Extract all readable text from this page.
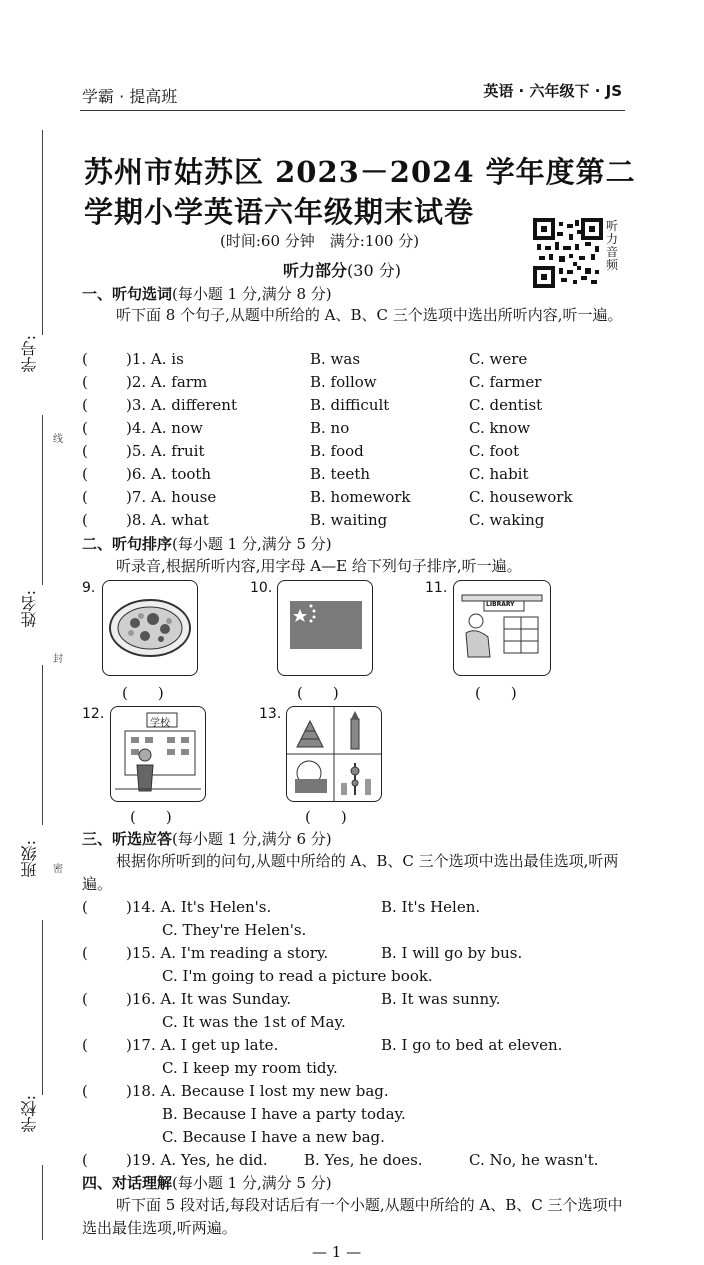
学霸 · 提高班	英语 · 六年级下 · JS
苏州市姑苏区 2023－2024 学年度第二
学期小学英语六年级期末试卷
(时间:60 分钟　满分:100 分)
听
力
音
频
听力部分(30 分)
学号:
姓名:
班级:
学校:
线
封
密
一、听句选词(每小题 1 分,满分 8 分)
听下面 8 个句子,从题中所给的 A、B、C 三个选项中选出所听内容,听一遍。
(	)1. A. is	B. was	C. were
(	)2. A. farm	B. follow	C. farmer
(	)3. A. different	B. difficult	C. dentist
(	)4. A. now	B. no	C. know
(	)5. A. fruit	B. food	C. foot
(	)6. A. tooth	B. teeth	C. habit
(	)7. A. house	B. homework	C. housework
(	)8. A. what	B. waiting	C. waking
二、听句排序(每小题 1 分,满分 5 分)
听录音,根据所听内容,用字母 A—E 给下列句子排序,听一遍。
9.
(　　)
10.
(　　)
11.
LIBRARY
(　　)
12.
学校
(　　)
13.
(　　)
三、听选应答(每小题 1 分,满分 6 分)
根据你所听到的问句,从题中所给的 A、B、C 三个选项中选出最佳选项,听两遍。
(	)14. A. It's Helen's.	B. It's Helen.
C. They're Helen's.
(	)15. A. I'm reading a story.	B. I will go by bus.
C. I'm going to read a picture book.
(	)16. A. It was Sunday.	B. It was sunny.
C. It was the 1st of May.
(	)17. A. I get up late.	B. I go to bed at eleven.
C. I keep my room tidy.
(	)18. A. Because I lost my new bag.
B. Because I have a party today.
C. Because I have a new bag.
(	)19. A. Yes, he did. B. Yes, he does.	C. No, he wasn't.
四、对话理解(每小题 1 分,满分 5 分)
听下面 5 段对话,每段对话后有一个小题,从题中所给的 A、B、C 三个选项中选出最佳选项,听两遍。
— 1 —
